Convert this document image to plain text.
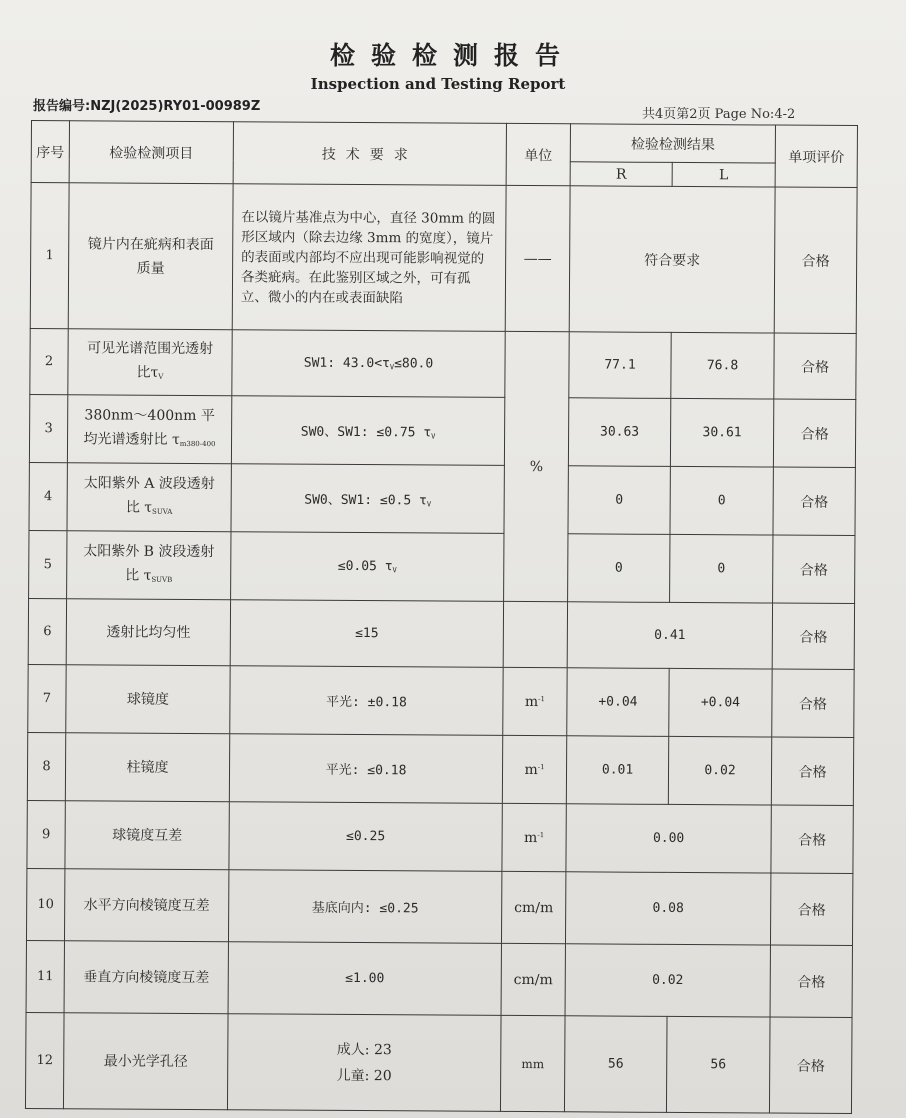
检验检测报告
Inspection and Testing Report
报告编号:NZJ(2025)RY01-00989Z
共4页第2页 Page No:4-2
序号	检验检测项目	技术要求	单位	检验检测结果		单项评价
				R	L	
1	镜片内在疵病和表面质量	在以镜片基准点为中心，直径 30mm 的圆形区域内（除去边缘 3mm 的宽度），镜片的表面或内部均不应出现可能影响视觉的各类疵病。在此鉴别区域之外，可有孤立、微小的内在或表面缺陷	——	符合要求		合格
2	可见光谱范围光透射比$\tau_V$	SW1: $43.0<\tau_V\le 80.0$	%	77.1	76.8	合格
3	380nm～400nm 平均光谱透射比 $\tau_{m380-400}$	SW0、SW1: ≤0.75 $\tau_V$		30.63	30.61	合格
4	太阳紫外 A 波段透射比 $\tau_{SUVA}$	SW0、SW1: ≤0.5 $\tau_V$		0	0	合格
5	太阳紫外 B 波段透射比 $\tau_{SUVB}$	≤0.05 $\tau_V$		0	0	合格
6	透射比均匀性	≤15		0.41		合格
7	球镜度	平光: ±0.18	$m^{-1}$	+0.04	+0.04	合格
8	柱镜度	平光: ≤0.18	$m^{-1}$	0.01	0.02	合格
9	球镜度互差	≤0.25	$m^{-1}$	0.00		合格
10	水平方向棱镜度互差	基底向内: ≤0.25	cm/m	0.08		合格
11	垂直方向棱镜度互差	≤1.00	cm/m	0.02		合格
12	最小光学孔径	成人: 23
儿童: 20	mm	56	56	合格
